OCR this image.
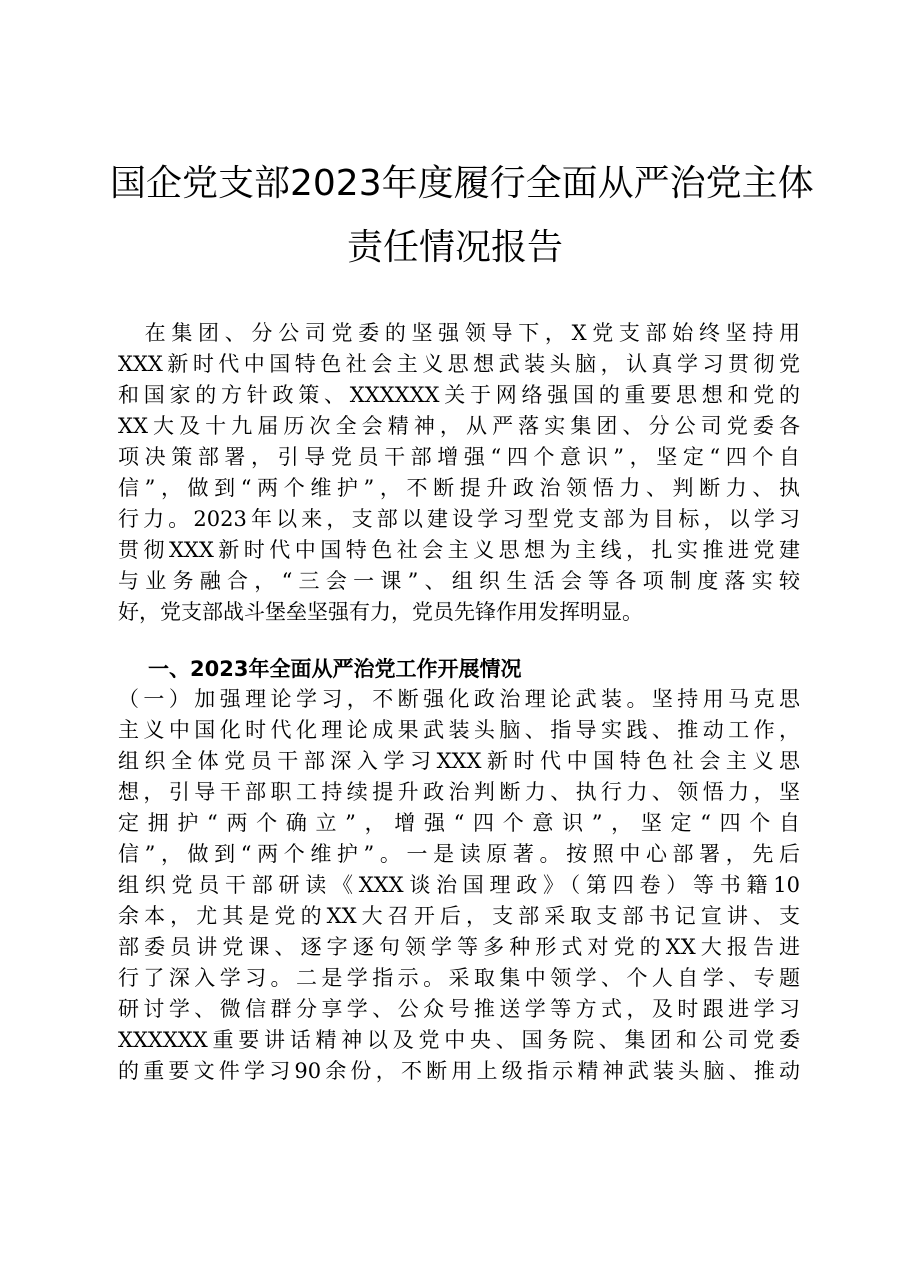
国企党支部2023年度履行全面从严治党主体
责任情况报告
　在集团、分公司党委的坚强领导下，X党支部始终坚持用
XXX新时代中国特色社会主义思想武装头脑，认真学习贯彻党
和国家的方针政策、XXXXXX关于网络强国的重要思想和党的
XX大及十九届历次全会精神，从严落实集团、分公司党委各
项决策部署，引导党员干部增强“四个意识”，坚定“四个自
信”，做到“两个维护”，不断提升政治领悟力、判断力、执
行力。2023年以来，支部以建设学习型党支部为目标，以学习
贯彻XXX新时代中国特色社会主义思想为主线，扎实推进党建
与业务融合，“三会一课”、组织生活会等各项制度落实较
好，党支部战斗堡垒坚强有力，党员先锋作用发挥明显。
一、2023年全面从严治党工作开展情况
（一）加强理论学习，不断强化政治理论武装。坚持用马克思
主义中国化时代化理论成果武装头脑、指导实践、推动工作，
组织全体党员干部深入学习XXX新时代中国特色社会主义思
想，引导干部职工持续提升政治判断力、执行力、领悟力，坚
定拥护“两个确立”，增强“四个意识”，坚定“四个自
信”，做到“两个维护”。一是读原著。按照中心部署，先后
组织党员干部研读《XXX谈治国理政》（第四卷）等书籍10
余本，尤其是党的XX大召开后，支部采取支部书记宣讲、支
部委员讲党课、逐字逐句领学等多种形式对党的XX大报告进
行了深入学习。二是学指示。采取集中领学、个人自学、专题
研讨学、微信群分享学、公众号推送学等方式，及时跟进学习
XXXXXX重要讲话精神以及党中央、国务院、集团和公司党委
的重要文件学习90余份，不断用上级指示精神武装头脑、推动
